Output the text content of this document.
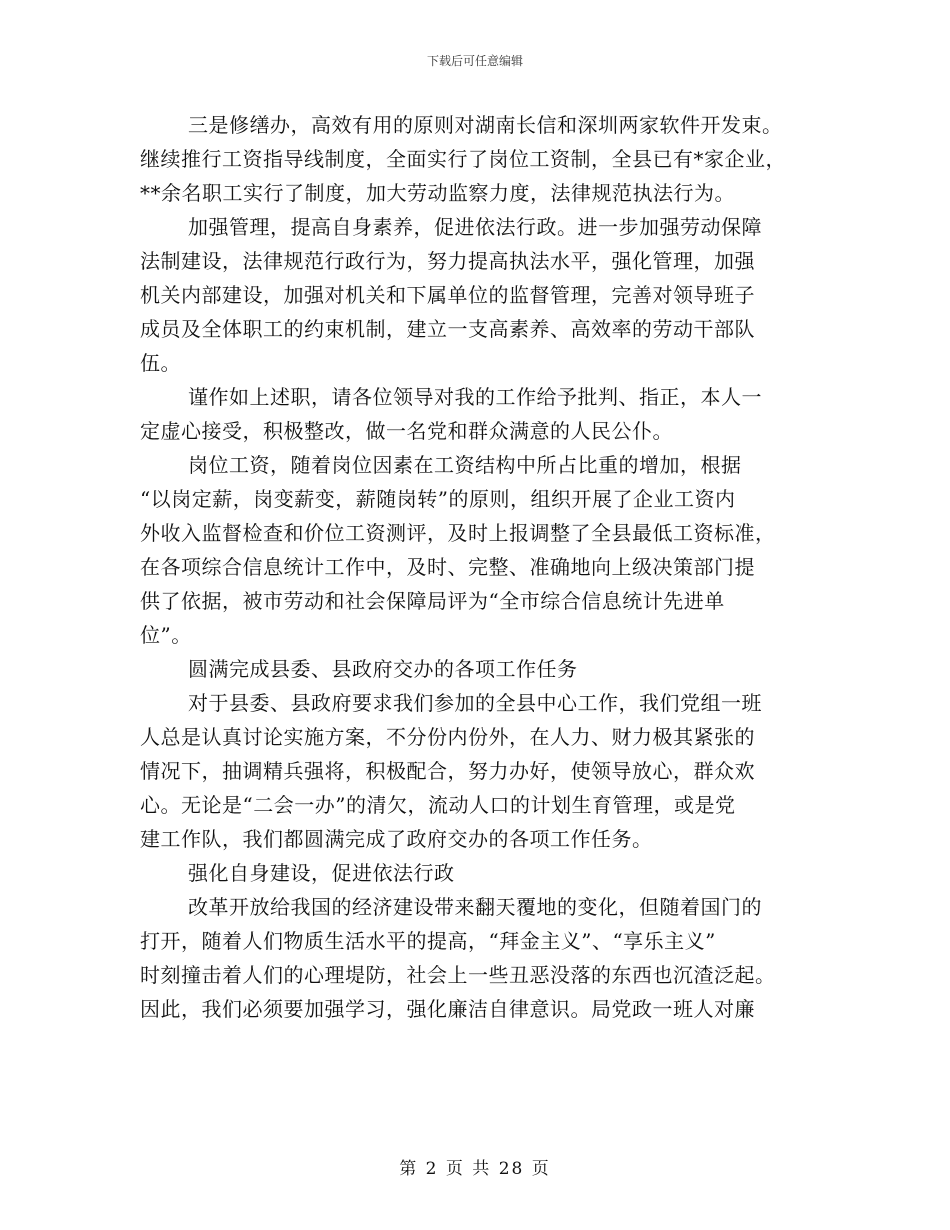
下载后可任意编辑

三是修缮办，高效有用的原则对湖南长信和深圳两家软件开发束。
继续推行工资指导线制度，全面实行了岗位工资制，全县已有*家企业，
**余名职工实行了制度，加大劳动监察力度，法律规范执法行为。
加强管理，提高自身素养，促进依法行政。进一步加强劳动保障
法制建设，法律规范行政行为，努力提高执法水平，强化管理，加强
机关内部建设，加强对机关和下属单位的监督管理，完善对领导班子
成员及全体职工的约束机制，建立一支高素养、高效率的劳动干部队
伍。
谨作如上述职，请各位领导对我的工作给予批判、指正，本人一
定虚心接受，积极整改，做一名党和群众满意的人民公仆。
岗位工资，随着岗位因素在工资结构中所占比重的增加，根据
“以岗定薪，岗变薪变，薪随岗转”的原则，组织开展了企业工资内
外收入监督检查和价位工资测评，及时上报调整了全县最低工资标准，
在各项综合信息统计工作中，及时、完整、准确地向上级决策部门提
供了依据，被市劳动和社会保障局评为“全市综合信息统计先进单
位”。
圆满完成县委、县政府交办的各项工作任务
对于县委、县政府要求我们参加的全县中心工作，我们党组一班
人总是认真讨论实施方案，不分份内份外，在人力、财力极其紧张的
情况下，抽调精兵强将，积极配合，努力办好，使领导放心，群众欢
心。无论是“二会一办”的清欠，流动人口的计划生育管理，或是党
建工作队，我们都圆满完成了政府交办的各项工作任务。
强化自身建设，促进依法行政
改革开放给我国的经济建设带来翻天覆地的变化，但随着国门的
打开，随着人们物质生活水平的提高，“拜金主义”、“享乐主义”
时刻撞击着人们的心理堤防，社会上一些丑恶没落的东西也沉渣泛起。
因此，我们必须要加强学习，强化廉洁自律意识。局党政一班人对廉

第 2 页 共 28 页
